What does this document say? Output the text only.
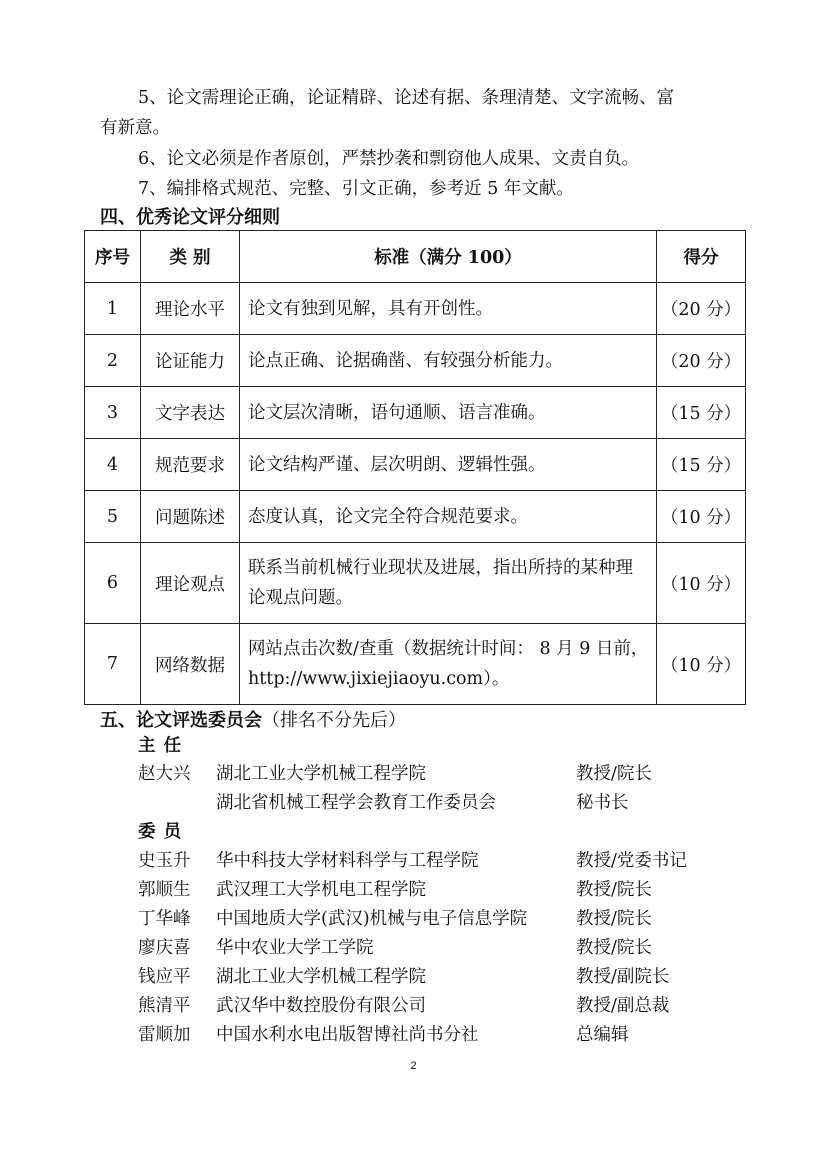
5、论文需理论正确，论证精辟、论述有据、条理清楚、文字流畅、富
有新意。
6、论文必须是作者原创，严禁抄袭和剽窃他人成果、文责自负。
7、编排格式规范、完整、引文正确，参考近 5 年文献。
四、优秀论文评分细则
序号	类 别	标准（满分 100）	得分
1	理论水平	论文有独到见解，具有开创性。	（20 分）
2	论证能力	论点正确、论据确凿、有较强分析能力。	（20 分）
3	文字表达	论文层次清晰，语句通顺、语言准确。	（15 分）
4	规范要求	论文结构严谨、层次明朗、逻辑性强。	（15 分）
5	问题陈述	态度认真，论文完全符合规范要求。	（10 分）
6	理论观点	联系当前机械行业现状及进展，指出所持的某种理论观点问题。	（10 分）
7	网络数据	网站点击次数/查重（数据统计时间： 8 月 9 日前，http://www.jixiejiaoyu.com）。	（10 分）
五、论文评选委员会（排名不分先后）
主 任
赵大兴 湖北工业大学机械工程学院	教授/院长
湖北省机械工程学会教育工作委员会	秘书长
委 员
史玉升 华中科技大学材料科学与工程学院	教授/党委书记
郭顺生 武汉理工大学机电工程学院	教授/院长
丁华峰 中国地质大学(武汉)机械与电子信息学院	教授/院长
廖庆喜 华中农业大学工学院	教授/院长
钱应平 湖北工业大学机械工程学院	教授/副院长
熊清平 武汉华中数控股份有限公司	教授/副总裁
雷顺加 中国水利水电出版智博社尚书分社	总编辑
2
